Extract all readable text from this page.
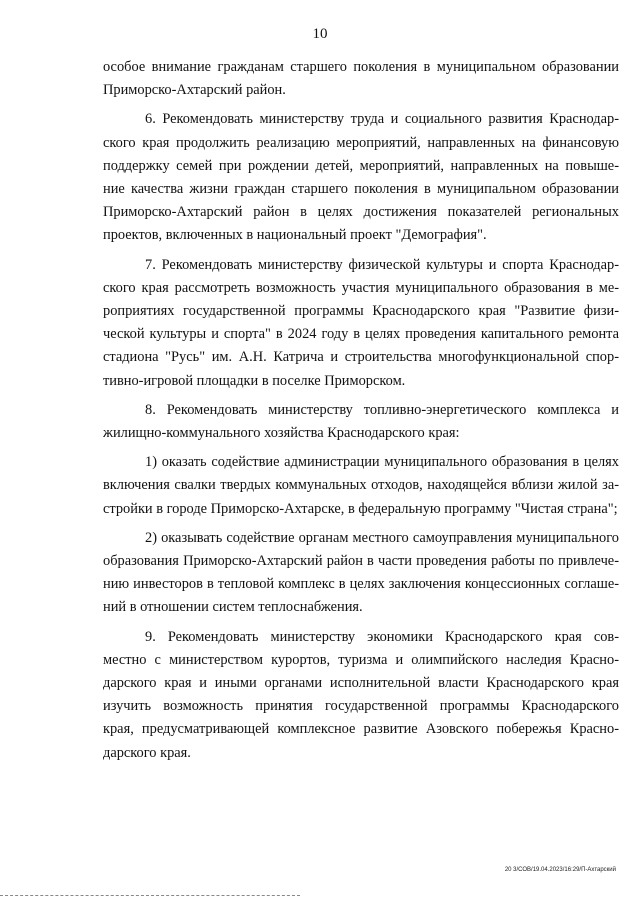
10

особое внимание гражданам старшего поколения в муниципальном образовании
Приморско-Ахтарский район.

6. Рекомендовать министерству труда и социального развития Краснодар-
ского края продолжить реализацию мероприятий, направленных на финансовую
поддержку семей при рождении детей, мероприятий, направленных на повыше-
ние качества жизни граждан старшего поколения в муниципальном образовании
Приморско-Ахтарский район в целях достижения показателей региональных
проектов, включенных в национальный проект "Демография".

7. Рекомендовать министерству физической культуры и спорта Краснодар-
ского края рассмотреть возможность участия муниципального образования в ме-
роприятиях государственной программы Краснодарского края "Развитие физи-
ческой культуры и спорта" в 2024 году в целях проведения капитального ремонта
стадиона "Русь" им. А.Н. Катрича и строительства многофункциональной спор-
тивно-игровой площадки в поселке Приморском.

8. Рекомендовать министерству топливно-энергетического комплекса и
жилищно-коммунального хозяйства Краснодарского края:

1) оказать содействие администрации муниципального образования в целях
включения свалки твердых коммунальных отходов, находящейся вблизи жилой за-
стройки в городе Приморско-Ахтарске, в федеральную программу "Чистая страна";

2) оказывать содействие органам местного самоуправления муниципального
образования Приморско-Ахтарский район в части проведения работы по привлече-
нию инвесторов в тепловой комплекс в целях заключения концессионных соглаше-
ний в отношении систем теплоснабжения.

9. Рекомендовать министерству экономики Краснодарского края сов-
местно с министерством курортов, туризма и олимпийского наследия Красно-
дарского края и иными органами исполнительной власти Краснодарского края
изучить возможность принятия государственной программы Краснодарского
края, предусматривающей комплексное развитие Азовского побережья Красно-
дарского края.

20 3/СОВ/19.04.2023/16:29/П-Ахтарский
